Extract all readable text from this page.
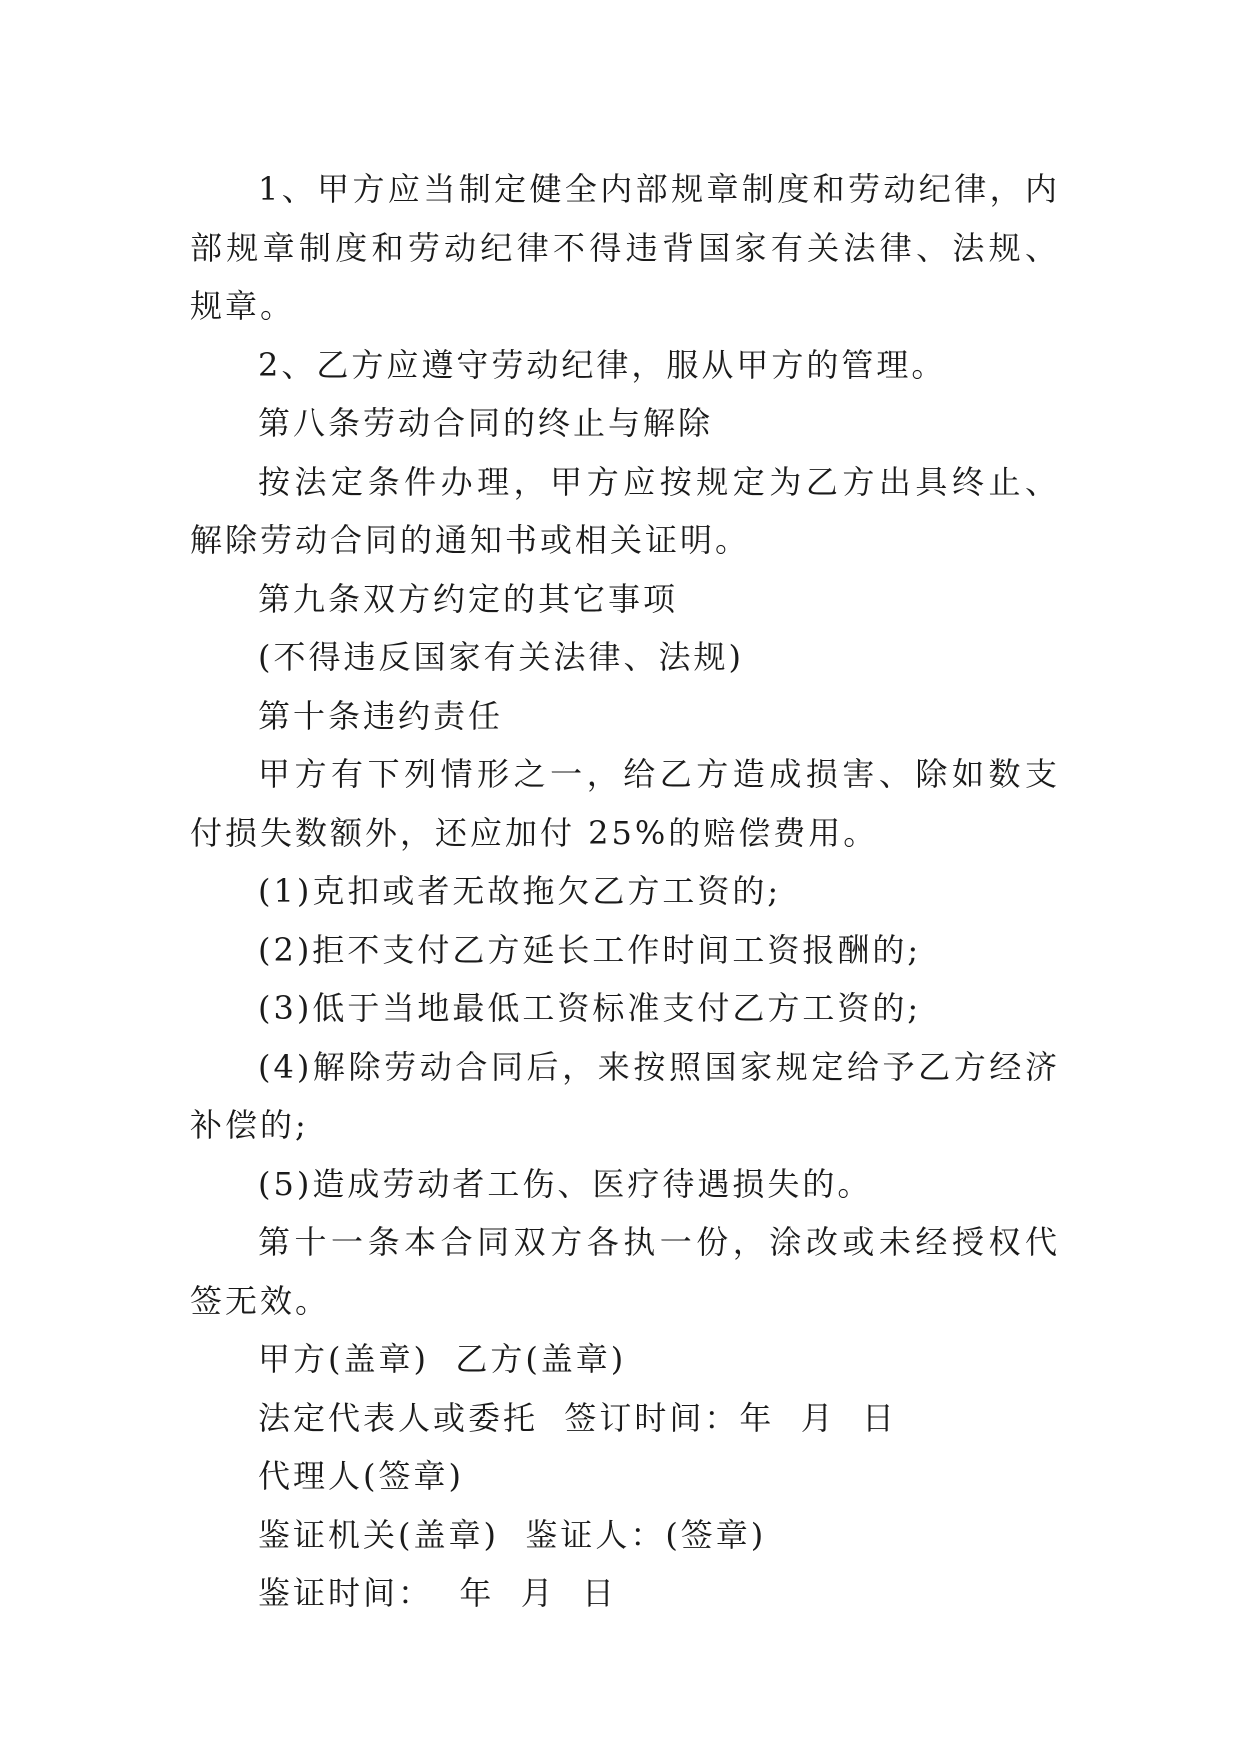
1、甲方应当制定健全内部规章制度和劳动纪律，内部规章制度和劳动纪律不得违背国家有关法律、法规、规章。

2、乙方应遵守劳动纪律，服从甲方的管理。

第八条劳动合同的终止与解除

按法定条件办理，甲方应按规定为乙方出具终止、解除劳动合同的通知书或相关证明。

第九条双方约定的其它事项

(不得违反国家有关法律、法规)

第十条违约责任

甲方有下列情形之一，给乙方造成损害、除如数支付损失数额外，还应加付 25%的赔偿费用。

(1)克扣或者无故拖欠乙方工资的;

(2)拒不支付乙方延长工作时间工资报酬的;

(3)低于当地最低工资标准支付乙方工资的;

(4)解除劳动合同后，来按照国家规定给予乙方经济补偿的;

(5)造成劳动者工伤、医疗待遇损失的。

第十一条本合同双方各执一份，涂改或未经授权代签无效。

甲方(盖章)  乙方(盖章)

法定代表人或委托  签订时间：年  月  日

代理人(签章)

鉴证机关(盖章)  鉴证人：(签章)

鉴证时间：  年  月  日
